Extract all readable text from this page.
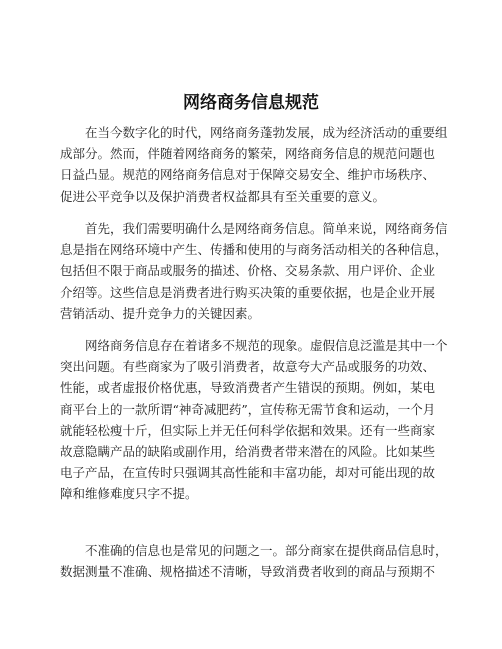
网络商务信息规范
在当今数字化的时代，网络商务蓬勃发展，成为经济活动的重要组
成部分。然而，伴随着网络商务的繁荣，网络商务信息的规范问题也
日益凸显。规范的网络商务信息对于保障交易安全、维护市场秩序、
促进公平竞争以及保护消费者权益都具有至关重要的意义。
首先，我们需要明确什么是网络商务信息。简单来说，网络商务信
息是指在网络环境中产生、传播和使用的与商务活动相关的各种信息，
包括但不限于商品或服务的描述、价格、交易条款、用户评价、企业
介绍等。这些信息是消费者进行购买决策的重要依据，也是企业开展
营销活动、提升竞争力的关键因素。
网络商务信息存在着诸多不规范的现象。虚假信息泛滥是其中一个
突出问题。有些商家为了吸引消费者，故意夸大产品或服务的功效、
性能，或者虚报价格优惠，导致消费者产生错误的预期。例如，某电
商平台上的一款所谓“神奇减肥药”，宣传称无需节食和运动，一个月
就能轻松瘦十斤，但实际上并无任何科学依据和效果。还有一些商家
故意隐瞒产品的缺陷或副作用，给消费者带来潜在的风险。比如某些
电子产品，在宣传时只强调其高性能和丰富功能，却对可能出现的故
障和维修难度只字不提。
不准确的信息也是常见的问题之一。部分商家在提供商品信息时，
数据测量不准确、规格描述不清晰，导致消费者收到的商品与预期不
